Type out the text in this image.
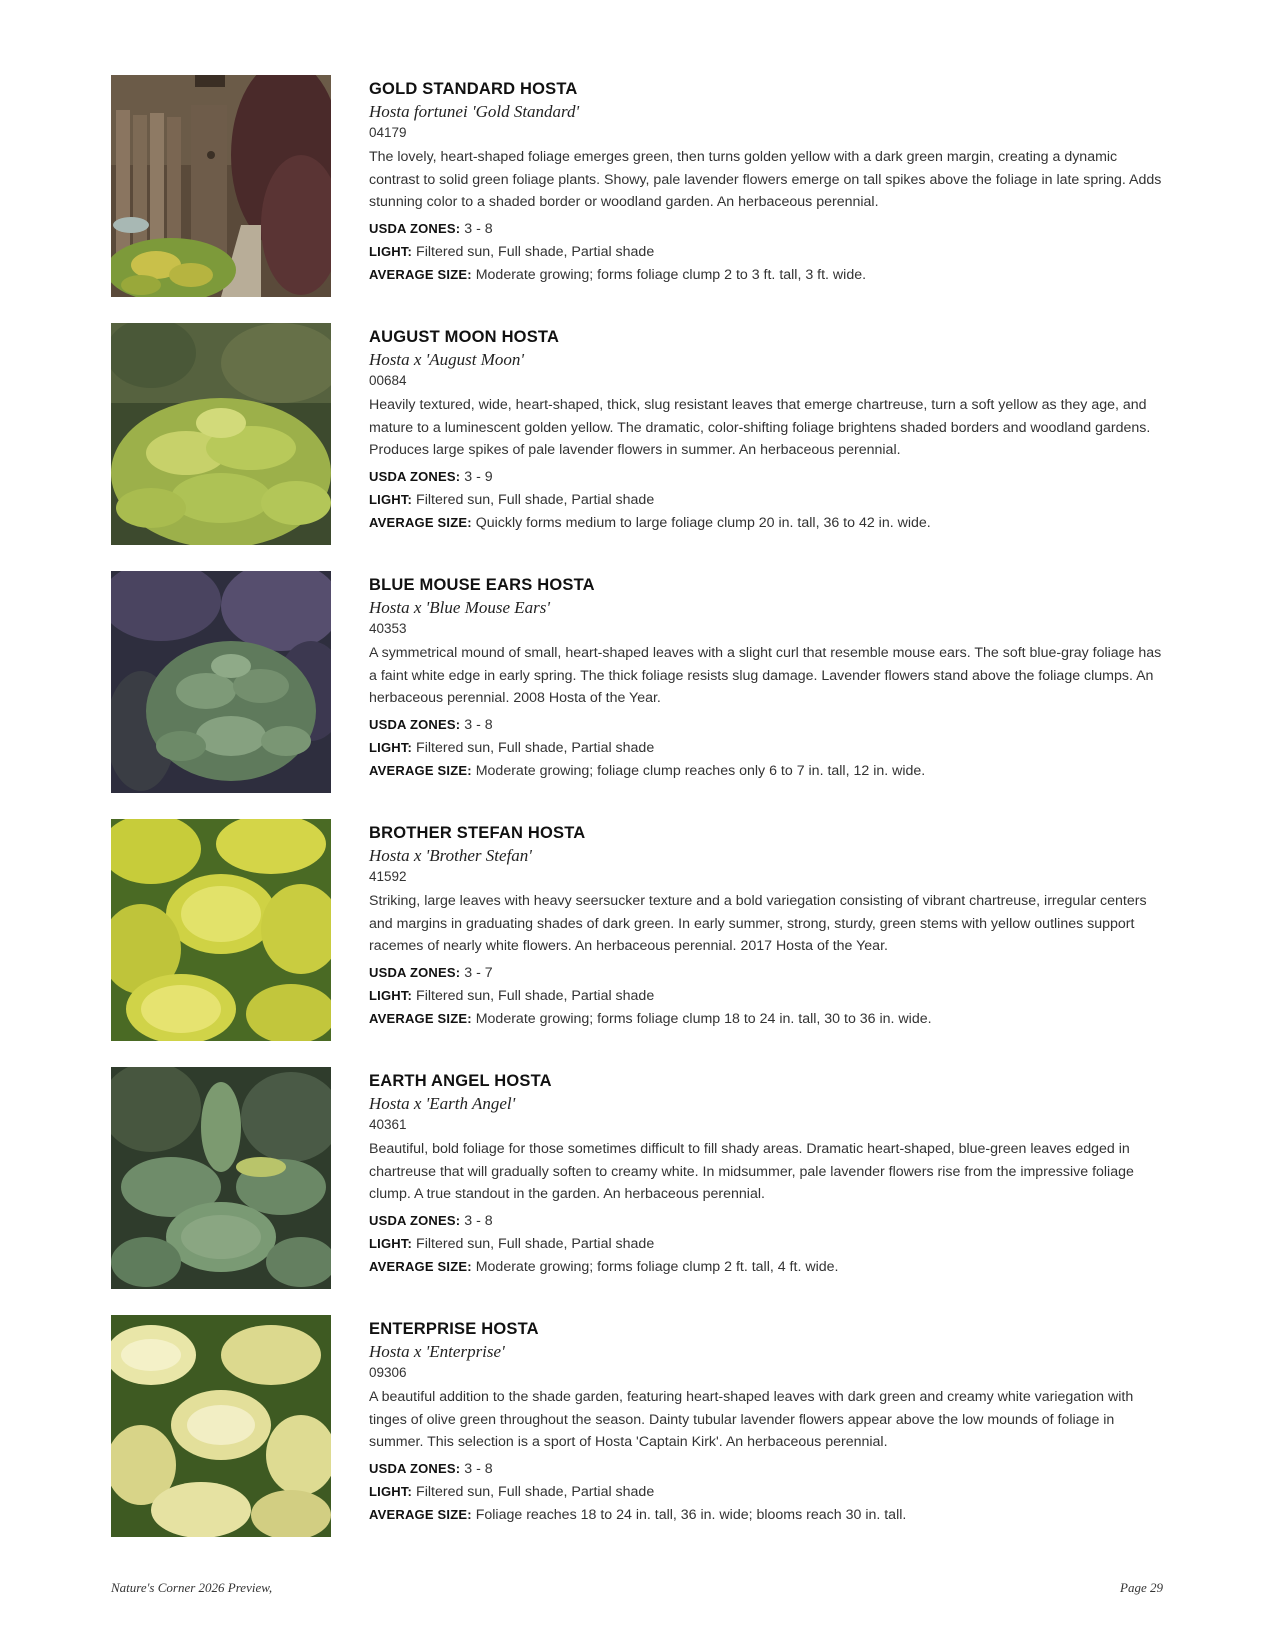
GOLD STANDARD HOSTA
Hosta fortunei 'Gold Standard'
04179
The lovely, heart-shaped foliage emerges green, then turns golden yellow with a dark green margin, creating a dynamic contrast to solid green foliage plants. Showy, pale lavender flowers emerge on tall spikes above the foliage in late spring. Adds stunning color to a shaded border or woodland garden. An herbaceous perennial.
USDA ZONES: 3 - 8
LIGHT: Filtered sun, Full shade, Partial shade
AVERAGE SIZE: Moderate growing; forms foliage clump 2 to 3 ft. tall, 3 ft. wide.
AUGUST MOON HOSTA
Hosta x 'August Moon'
00684
Heavily textured, wide, heart-shaped, thick, slug resistant leaves that emerge chartreuse, turn a soft yellow as they age, and mature to a luminescent golden yellow. The dramatic, color-shifting foliage brightens shaded borders and woodland gardens. Produces large spikes of pale lavender flowers in summer. An herbaceous perennial.
USDA ZONES: 3 - 9
LIGHT: Filtered sun, Full shade, Partial shade
AVERAGE SIZE: Quickly forms medium to large foliage clump 20 in. tall, 36 to 42 in. wide.
BLUE MOUSE EARS HOSTA
Hosta x 'Blue Mouse Ears'
40353
A symmetrical mound of small, heart-shaped leaves with a slight curl that resemble mouse ears. The soft blue-gray foliage has a faint white edge in early spring. The thick foliage resists slug damage. Lavender flowers stand above the foliage clumps. An herbaceous perennial. 2008 Hosta of the Year.
USDA ZONES: 3 - 8
LIGHT: Filtered sun, Full shade, Partial shade
AVERAGE SIZE: Moderate growing; foliage clump reaches only 6 to 7 in. tall, 12 in. wide.
BROTHER STEFAN HOSTA
Hosta x 'Brother Stefan'
41592
Striking, large leaves with heavy seersucker texture and a bold variegation consisting of vibrant chartreuse, irregular centers and margins in graduating shades of dark green. In early summer, strong, sturdy, green stems with yellow outlines support racemes of nearly white flowers. An herbaceous perennial. 2017 Hosta of the Year.
USDA ZONES: 3 - 7
LIGHT: Filtered sun, Full shade, Partial shade
AVERAGE SIZE: Moderate growing; forms foliage clump 18 to 24 in. tall, 30 to 36 in. wide.
EARTH ANGEL HOSTA
Hosta x 'Earth Angel'
40361
Beautiful, bold foliage for those sometimes difficult to fill shady areas. Dramatic heart-shaped, blue-green leaves edged in chartreuse that will gradually soften to creamy white. In midsummer, pale lavender flowers rise from the impressive foliage clump. A true standout in the garden. An herbaceous perennial.
USDA ZONES: 3 - 8
LIGHT: Filtered sun, Full shade, Partial shade
AVERAGE SIZE: Moderate growing; forms foliage clump 2 ft. tall, 4 ft. wide.
ENTERPRISE HOSTA
Hosta x 'Enterprise'
09306
A beautiful addition to the shade garden, featuring heart-shaped leaves with dark green and creamy white variegation with tinges of olive green throughout the season. Dainty tubular lavender flowers appear above the low mounds of foliage in summer. This selection is a sport of Hosta 'Captain Kirk'. An herbaceous perennial.
USDA ZONES: 3 - 8
LIGHT: Filtered sun, Full shade, Partial shade
AVERAGE SIZE: Foliage reaches 18 to 24 in. tall, 36 in. wide; blooms reach 30 in. tall.
Nature's Corner 2026 Preview,	Page 29
